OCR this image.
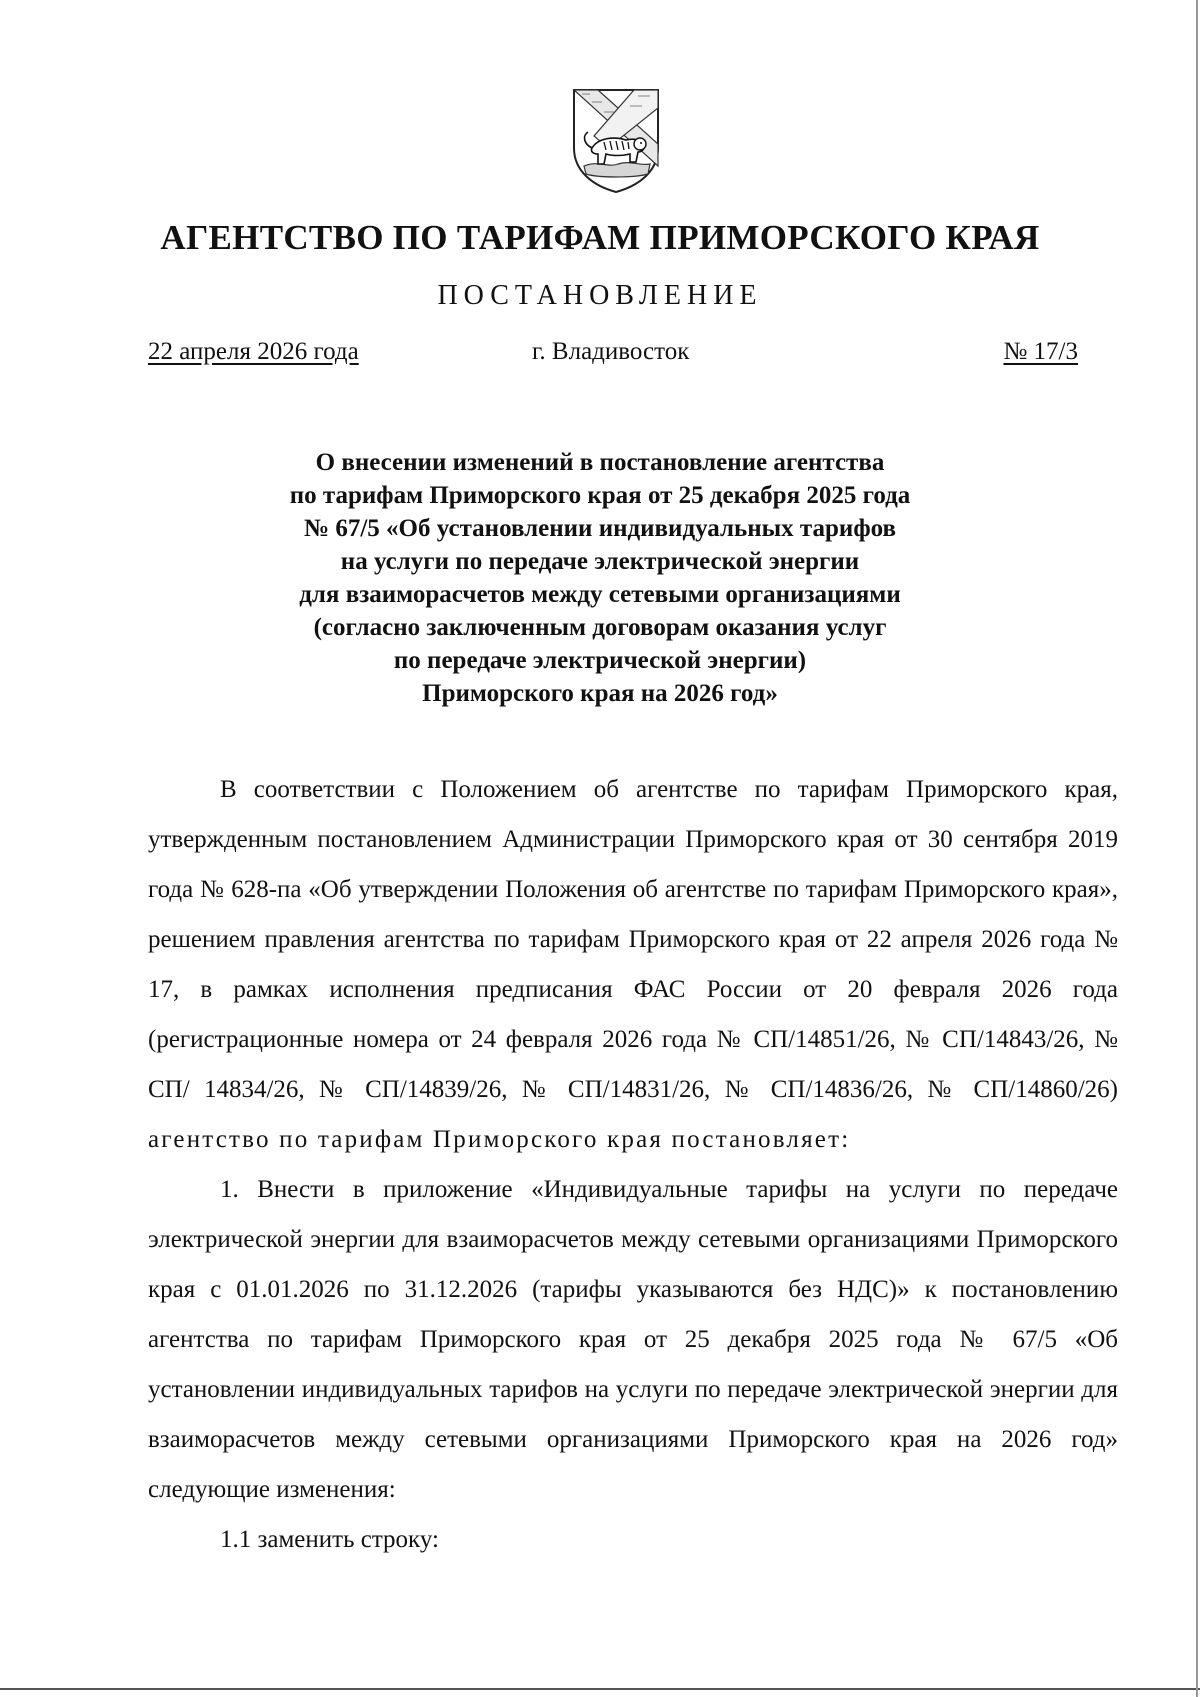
АГЕНТСТВО ПО ТАРИФАМ ПРИМОРСКОГО КРАЯ
ПОСТАНОВЛЕНИЕ
22 апреля 2026 года	г. Владивосток	№ 17/3
О внесении изменений в постановление агентства
по тарифам Приморского края от 25 декабря 2025 года
№ 67/5 «Об установлении индивидуальных тарифов
на услуги по передаче электрической энергии
для взаиморасчетов между сетевыми организациями
(согласно заключенным договорам оказания услуг
по передаче электрической энергии)
Приморского края на 2026 год»

В соответствии с Положением об агентстве по тарифам Приморского края, утвержденным постановлением Администрации Приморского края от 30 сентября 2019 года № 628-па «Об утверждении Положения об агентстве по тарифам Приморского края», решением правления агентства по тарифам Приморского края от 22 апреля 2026 года № 17, в рамках исполнения предписания ФАС России от 20 февраля 2026 года (регистрационные номера от 24 февраля 2026 года № СП/14851/26, № СП/14843/26, № СП/ 14834/26, № СП/14839/26, № СП/14831/26, № СП/14836/26, № СП/14860/26) агентство по тарифам Приморского края постановляет:

1. Внести в приложение «Индивидуальные тарифы на услуги по передаче электрической энергии для взаиморасчетов между сетевыми организациями Приморского края с 01.01.2026 по 31.12.2026 (тарифы указываются без НДС)» к постановлению агентства по тарифам Приморского края от 25 декабря 2025 года № 67/5 «Об установлении индивидуальных тарифов на услуги по передаче электрической энергии для взаиморасчетов между сетевыми организациями Приморского края на 2026 год» следующие изменения:

1.1 заменить строку:
